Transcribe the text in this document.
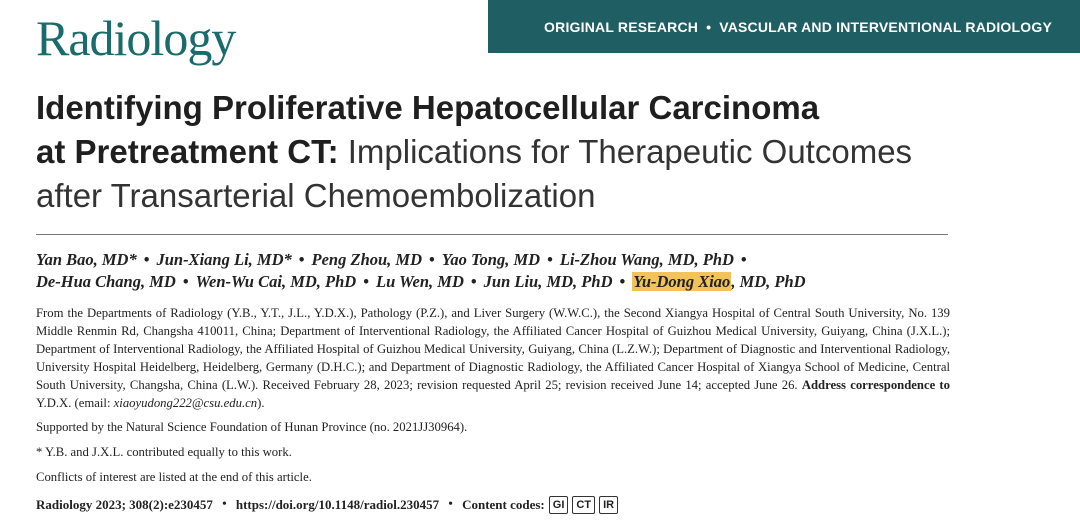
Radiology	ORIGINAL RESEARCH • VASCULAR AND INTERVENTIONAL RADIOLOGY
Identifying Proliferative Hepatocellular Carcinoma
at Pretreatment CT: Implications for Therapeutic Outcomes
after Transarterial Chemoembolization
Yan Bao, MD* • Jun-Xiang Li, MD* • Peng Zhou, MD • Yao Tong, MD • Li-Zhou Wang, MD, PhD •
De-Hua Chang, MD • Wen-Wu Cai, MD, PhD • Lu Wen, MD • Jun Liu, MD, PhD • Yu-Dong Xiao, MD, PhD
From the Departments of Radiology (Y.B., Y.T., J.L., Y.D.X.), Pathology (P.Z.), and Liver Surgery (W.W.C.), the Second Xiangya Hospital of Central South University, No. 139 Middle Renmin Rd, Changsha 410011, China; Department of Interventional Radiology, the Affiliated Cancer Hospital of Guizhou Medical University, Guiyang, China (J.X.L.); Department of Interventional Radiology, the Affiliated Hospital of Guizhou Medical University, Guiyang, China (L.Z.W.); Department of Diagnostic and Interventional Radiology, University Hospital Heidelberg, Heidelberg, Germany (D.H.C.); and Department of Diagnostic Radiology, the Affiliated Cancer Hospital of Xiangya School of Medicine, Central South University, Changsha, China (L.W.). Received February 28, 2023; revision requested April 25; revision received June 14; accepted June 26. Address correspondence to Y.D.X. (email: xiaoyudong222@csu.edu.cn).
Supported by the Natural Science Foundation of Hunan Province (no. 2021JJ30964).
* Y.B. and J.X.L. contributed equally to this work.
Conflicts of interest are listed at the end of this article.
Radiology 2023; 308(2):e230457 • https://doi.org/10.1148/radiol.230457 • Content codes: GI	CT	IR
